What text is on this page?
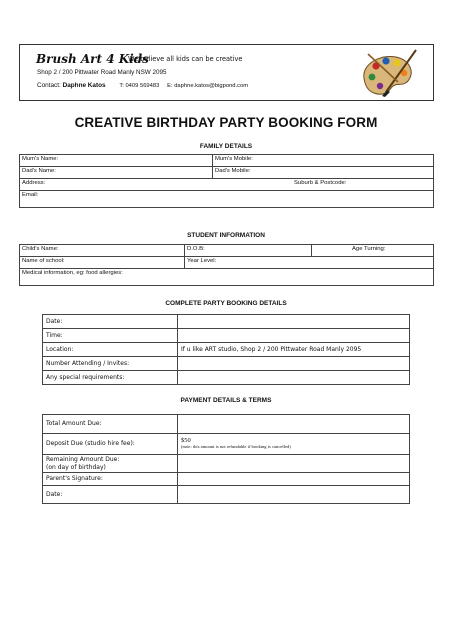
Brush Art 4 Kids
We believe all kids can be creative
Shop 2 / 200 Pittwater Road Manly NSW 2095
Contact: Daphne Katos T: 0409 569483 E: daphne.katos@bigpond.com
CREATIVE BIRTHDAY PARTY BOOKING FORM
FAMILY DETAILS
Mum's Name:	Mum's Mobile:
Dad's Name:	Dad's Mobile:
Address: Suburb & Postcode:	
Email:	
STUDENT INFORMATION
Child's Name:	D.O.B:	Age Turning:
Name of school:	Year Level:	
Medical information, eg: food allergies:		
COMPLETE PARTY BOOKING DETAILS
Date:	
Time:	
Location:	If u like ART studio, Shop 2 / 200 Pittwater Road Manly 2095
Number Attending / Invites:	
Any special requirements:	
PAYMENT DETAILS & TERMS
Total Amount Due:	
Deposit Due (studio hire fee):	$50
(note: this amount is not refundable if booking is cancelled)

Remaining Amount Due:
(on day of birthday)	

Parent's Signature:	
Date:	
